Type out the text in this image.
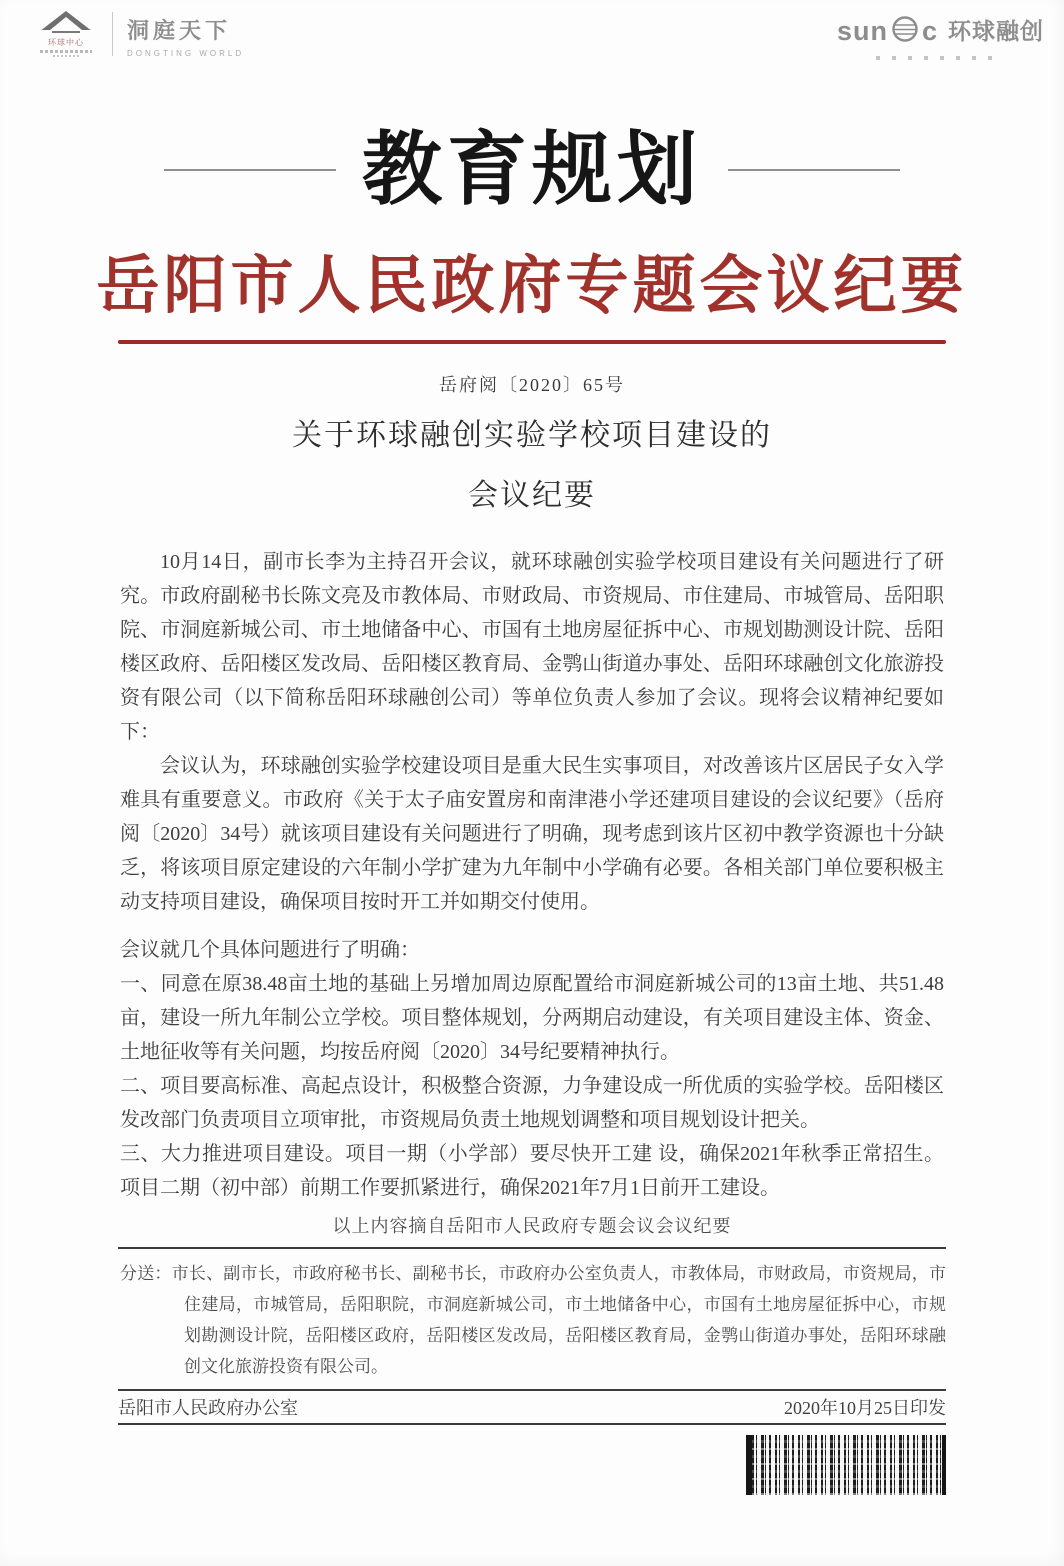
环球中心 洞庭天下
DONGTING WORLD
sun c 环球融创
教育规划
岳阳市人民政府专题会议纪要
岳府阅〔2020〕65号
关于环球融创实验学校项目建设的
会议纪要
10月14日，副市长李为主持召开会议，就环球融创实验学校项目建设有关问题进行了研究。市政府副秘书长陈文亮及市教体局、市财政局、市资规局、市住建局、市城管局、岳阳职院、市洞庭新城公司、市土地储备中心、市国有土地房屋征拆中心、市规划勘测设计院、岳阳楼区政府、岳阳楼区发改局、岳阳楼区教育局、金鹗山街道办事处、岳阳环球融创文化旅游投资有限公司（以下简称岳阳环球融创公司）等单位负责人参加了会议。现将会议精神纪要如下：
会议认为，环球融创实验学校建设项目是重大民生实事项目，对改善该片区居民子女入学难具有重要意义。市政府《关于太子庙安置房和南津港小学还建项目建设的会议纪要》（岳府阅〔2020〕34号）就该项目建设有关问题进行了明确，现考虑到该片区初中教学资源也十分缺乏，将该项目原定建设的六年制小学扩建为九年制中小学确有必要。各相关部门单位要积极主动支持项目建设，确保项目按时开工并如期交付使用。
会议就几个具体问题进行了明确：
一、同意在原38.48亩土地的基础上另增加周边原配置给市洞庭新城公司的13亩土地、共51.48亩，建设一所九年制公立学校。项目整体规划，分两期启动建设，有关项目建设主体、资金、土地征收等有关问题，均按岳府阅〔2020〕34号纪要精神执行。
二、项目要高标准、高起点设计，积极整合资源，力争建设成一所优质的实验学校。岳阳楼区发改部门负责项目立项审批，市资规局负责土地规划调整和项目规划设计把关。
三、大力推进项目建设。项目一期（小学部）要尽快开工建 设，确保2021年秋季正常招生。项目二期（初中部）前期工作要抓紧进行，确保2021年7月1日前开工建设。
以上内容摘自岳阳市人民政府专题会议会议纪要
分送：市长、副市长，市政府秘书长、副秘书长，市政府办公室负责人，市教体局，市财政局，市资规局，市住建局，市城管局，岳阳职院，市洞庭新城公司，市土地储备中心，市国有土地房屋征拆中心，市规划勘测设计院，岳阳楼区政府，岳阳楼区发改局，岳阳楼区教育局，金鹗山街道办事处，岳阳环球融创文化旅游投资有限公司。
岳阳市人民政府办公室	2020年10月25日印发
